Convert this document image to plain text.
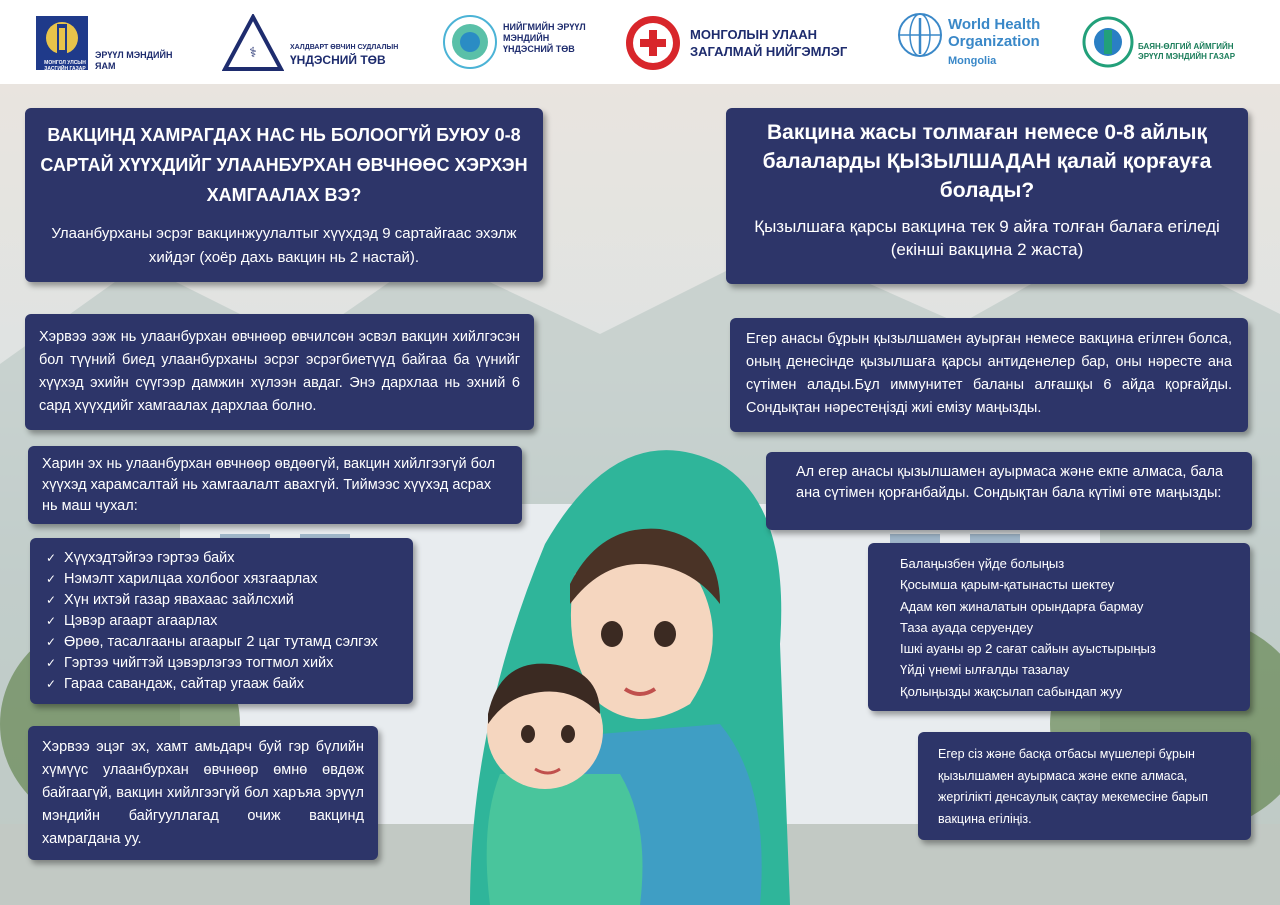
МОНГОЛ УЛСЫН ЗАСГИЙН ГАЗАР
ЭРҮҮЛ МЭНДИЙН ЯАМ
⚕	ХАЛДВАРТ ӨВЧИН СУДЛАЛЫН
ҮНДЭСНИЙ ТӨВ
НИЙГМИЙН ЭРҮҮЛ МЭНДИЙН ҮНДЭСНИЙ ТӨВ
МОНГОЛЫН УЛААН ЗАГАЛМАЙ НИЙГЭМЛЭГ
World Health
Organization
Mongolia
БАЯН-ӨЛГИЙ АЙМГИЙН ЭРҮҮЛ МЭНДИЙН ГАЗАР
ВАКЦИНД ХАМРАГДАХ НАС НЬ БОЛООГҮЙ БУЮУ 0-8 САРТАЙ ХҮҮХДИЙГ УЛААНБУРХАН ӨВЧНӨӨС ХЭРХЭН ХАМГААЛАХ ВЭ?
Улаанбурханы эсрэг вакцинжуулалтыг хүүхдэд 9 сартайгаас эхэлж хийдэг (хоёр дахь вакцин нь 2 настай).
Хэрвээ ээж нь улаанбурхан өвчнөөр өвчилсөн эсвэл вакцин хийлгэсэн бол түүний биед улаанбурханы эсрэг эсрэгбиетүүд байгаа ба үүнийг хүүхэд эхийн сүүгээр дамжин хүлээн авдаг. Энэ дархлаа нь эхний 6 сард хүүхдийг хамгаалах дархлаа болно.
Харин эх нь улаанбурхан өвчнөөр өвдөөгүй, вакцин хийлгээгүй бол хүүхэд харамсалтай нь хамгаалалт авахгүй. Тиймээс хүүхэд асрах нь маш чухал:
✓ Хүүхэдтэйгээ гэртээ байх
✓ Нэмэлт харилцаа холбоог хязгаарлах
✓ Хүн ихтэй газар явахаас зайлсхий
✓ Цэвэр агаарт агаарлах
✓ Өрөө, тасалгааны агаарыг 2 цаг тутамд сэлгэх
✓ Гэртээ чийгтэй цэвэрлэгээ тогтмол хийх
✓ Гараа савандаж, сайтар угааж байх
Хэрвээ эцэг эх, хамт амьдарч буй гэр бүлийн хүмүүс улаанбурхан өвчнөөр өмнө өвдөж байгаагүй, вакцин хийлгээгүй бол харъяа эрүүл мэндийн байгууллагад очиж вакцинд хамрагдана уу.
Вакцина жасы толмаған немесе 0-8 айлық балаларды ҚЫЗЫЛШАДАН қалай қорғауға болады?
Қызылшаға қарсы вакцина тек 9 айға толған балаға егіледі (екінші вакцина 2 жаста)
Егер анасы бұрын қызылшамен ауырған немесе вакцина егілген болса, оның денесінде қызылшаға қарсы антиденелер бар, оны нәресте ана сүтімен алады.Бұл иммунитет баланы алғашқы 6 айда қорғайды. Сондықтан нәрестеңізді жиі емізу маңызды.
Ал егер анасы қызылшамен ауырмаса және екпе алмаса, бала ана сүтімен қорғанбайды. Сондықтан бала күтімі өте маңызды:
Балаңызбен үйде болыңыз
Қосымша қарым-қатынасты шектеу
Адам көп жиналатын орындарға бармау
Таза ауада серуендеу
Ішкі ауаны әр 2 сағат сайын ауыстырыңыз
Үйді үнемі ылғалды тазалау
Қолыңызды жақсылап сабындап жуу
Егер сіз және басқа отбасы мүшелері бұрын қызылшамен ауырмаса және екпе алмаса, жергілікті денсаулық сақтау мекемесіне барып вакцина егіліңіз.
